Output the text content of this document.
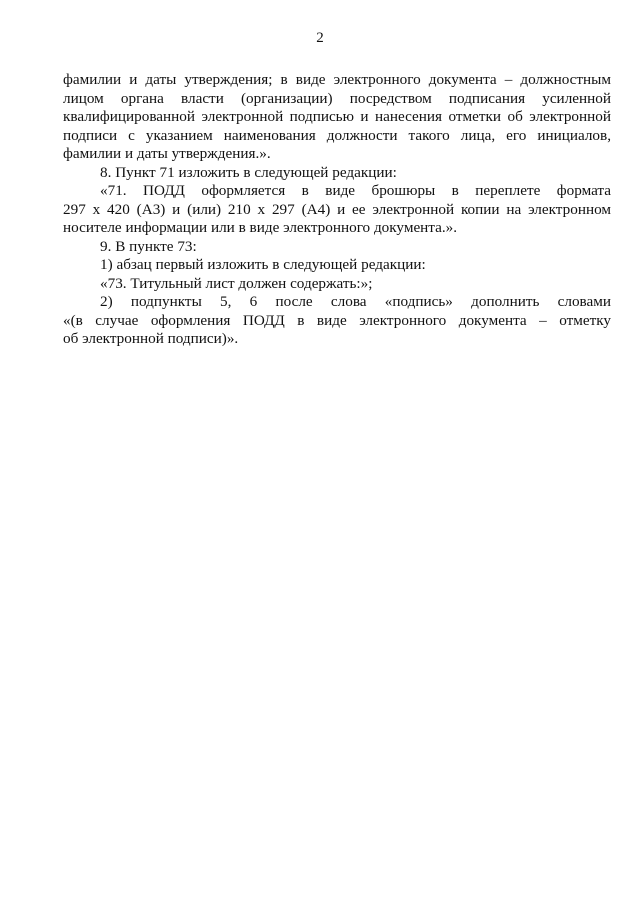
2
фамилии и даты утверждения; в виде электронного документа – должностным
лицом органа власти (организации) посредством подписания усиленной
квалифицированной электронной подписью и нанесения отметки об электронной
подписи с указанием наименования должности такого лица, его инициалов,
фамилии и даты утверждения.».
8. Пункт 71 изложить в следующей редакции:
«71. ПОДД оформляется в виде брошюры в переплете формата
297 х 420 (А3) и (или) 210 х 297 (А4) и ее электронной копии на электронном
носителе информации или в виде электронного документа.».
9. В пункте 73:
1) абзац первый изложить в следующей редакции:
«73. Титульный лист должен содержать:»;
2) подпункты 5, 6 после слова «подпись» дополнить словами
«(в случае оформления ПОДД в виде электронного документа – отметку
об электронной подписи)».
